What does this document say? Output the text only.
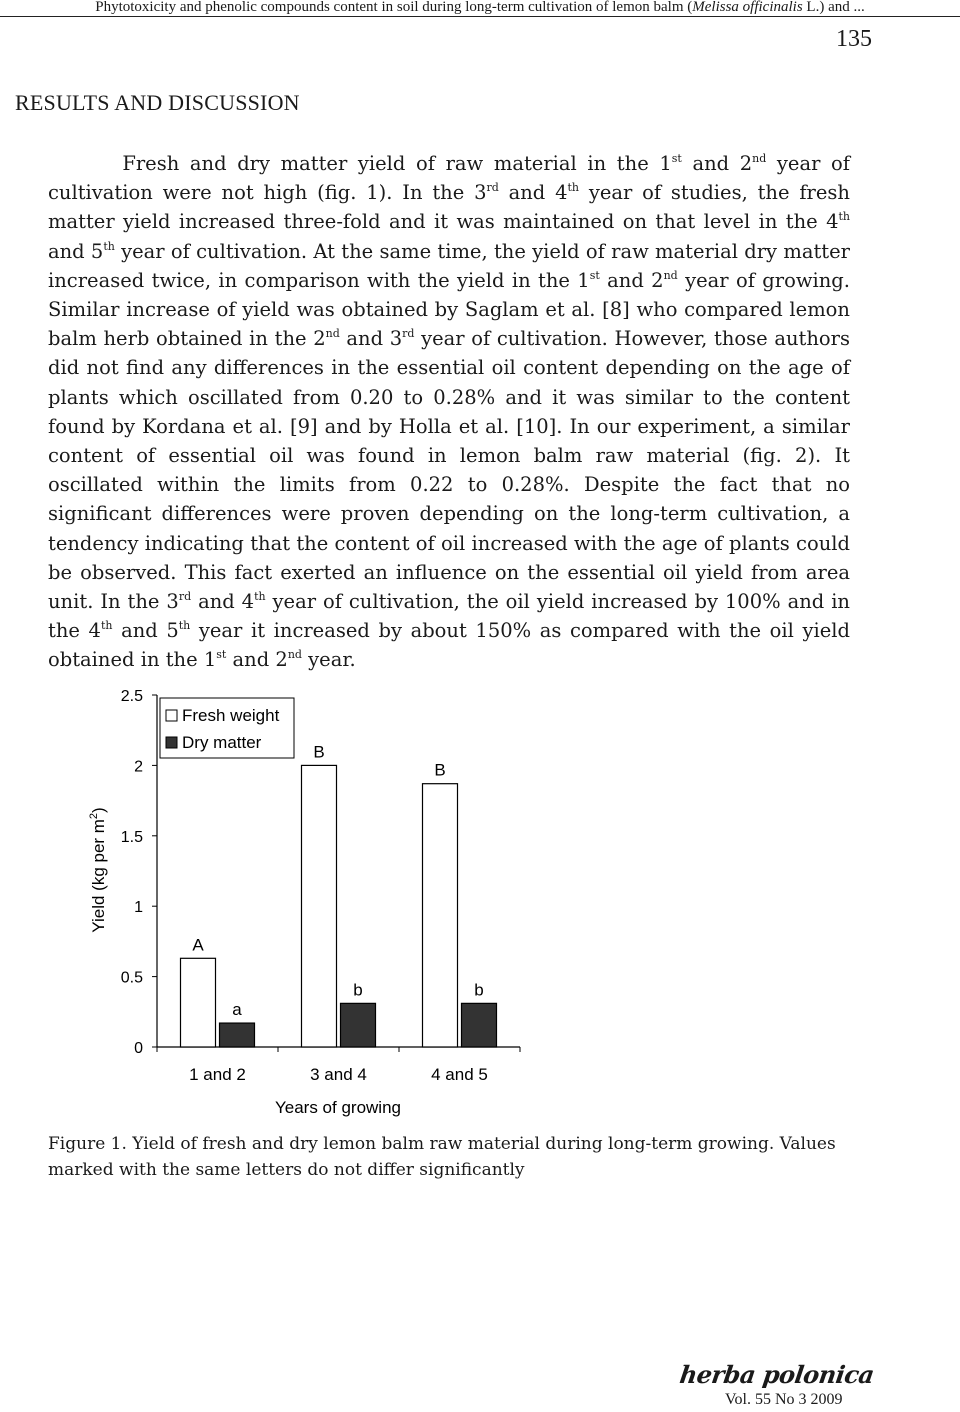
Phytotoxicity and phenolic compounds content in soil during long-term cultivation of lemon balm (Melissa officinalis L.) and ...
135
RESULTS AND DISCUSSION

Fresh and dry matter yield of raw material in the 1st and 2nd year of cultivation were not high (fig. 1). In the 3rd and 4th year of studies, the fresh matter yield increased three-fold and it was maintained on that level in the 4th and 5th year of cultivation. At the same time, the yield of raw material dry matter increased twice, in comparison with the yield in the 1st and 2nd year of growing. Similar increase of yield was obtained by Saglam et al. [8] who compared lemon balm herb obtained in the 2nd and 3rd year of cultivation. However, those authors did not find any differences in the essential oil content depending on the age of plants which oscillated from 0.20 to 0.28% and it was similar to the content found by Kordana et al. [9] and by Holla et al. [10]. In our experiment, a similar content of essential oil was found in lemon balm raw material (fig. 2). It oscillated within the limits from 0.22 to 0.28%. Despite the fact that no significant differences were proven depending on the long-term cultivation, a tendency indicating that the content of oil increased with the age of plants could be observed. This fact exerted an influence on the essential oil yield from area unit. In the 3rd and 4th year of cultivation, the oil yield increased by 100% and in the 4th and 5th year it increased by about 150% as compared with the oil yield obtained in the 1st and 2nd year.

0
0.5
1
1.5
2
2.5
1 and 2	3 and 4	4 and 5
A
a
B
b
B
b
Fresh weight
Dry matter
Yield (kg per $m^2$)
Years of growing

Figure 1. Yield of fresh and dry lemon balm raw material during long-term growing. Values marked with the same letters do not differ significantly

herba polonica
Vol. 55 No 3 2009
